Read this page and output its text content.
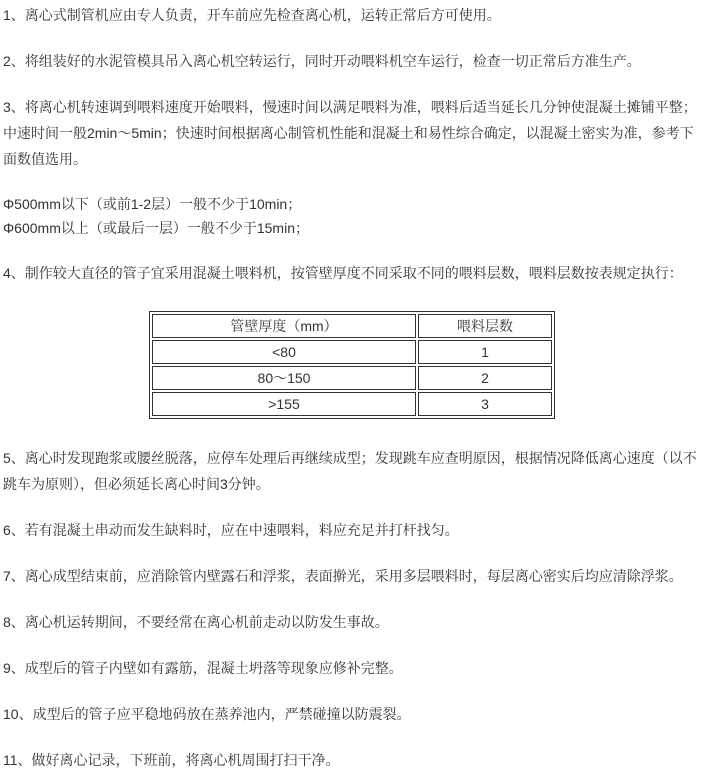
1、离心式制管机应由专人负责，开车前应先检查离心机，运转正常后方可使用。

2、将组装好的水泥管模具吊入离心机空转运行，同时开动喂料机空车运行，检查一切正常后方准生产。

3、将离心机转速调到喂料速度开始喂料，慢速时间以满足喂料为准，喂料后适当延长几分钟使混凝土摊铺平整；中速时间一般2min～5min；快速时间根据离心制管机性能和混凝土和易性综合确定，以混凝土密实为准，参考下面数值选用。

Φ500mm以下（或前1-2层）一般不少于10min；
Φ600mm以上（或最后一层）一般不少于15min；

4、制作较大直径的管子宜采用混凝土喂料机，按管壁厚度不同采取不同的喂料层数，喂料层数按表规定执行：

管壁厚度（mm）	喂料层数
<80	1
80～150	2
>155	3

5、离心时发现跑浆或腰丝脱落，应停车处理后再继续成型；发现跳车应查明原因，根据情况降低离心速度（以不跳车为原则），但必须延长离心时间3分钟。

6、若有混凝土串动而发生缺料时，应在中速喂料，料应充足并打杆找匀。

7、离心成型结束前，应消除管内壁露石和浮浆，表面擀光，采用多层喂料时，每层离心密实后均应清除浮浆。

8、离心机运转期间，不要经常在离心机前走动以防发生事故。

9、成型后的管子内壁如有露筋，混凝土坍落等现象应修补完整。

10、成型后的管子应平稳地码放在蒸养池内，严禁碰撞以防震裂。

11、做好离心记录，下班前，将离心机周围打扫干净。
